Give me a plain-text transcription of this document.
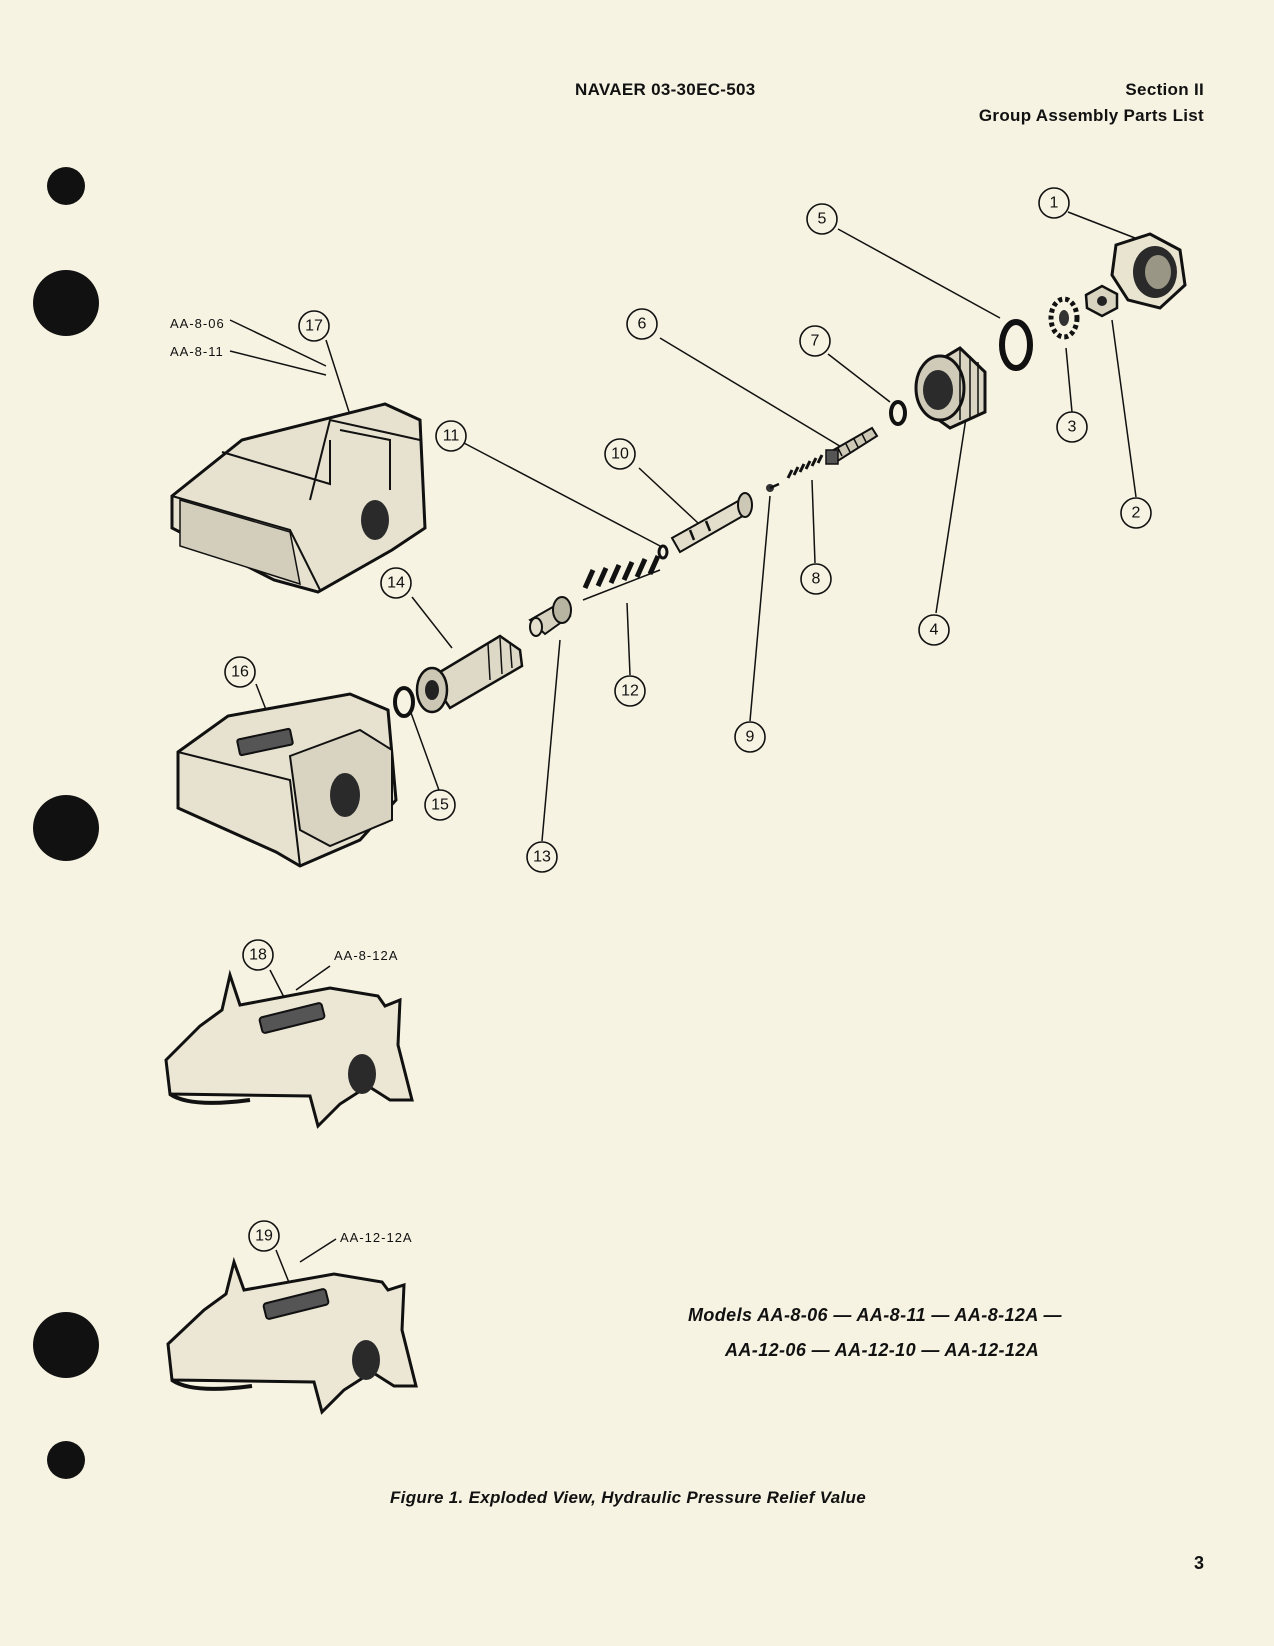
NAVAER 03-30EC-503	Section II
Group Assembly Parts List
AA-8-06
AA-8-11
AA-8-12A
AA-12-12A
1
2
3
4
5
6
7
8
9
10
11
12
13
14
15
16
17
18
19
Models AA-8-06 — AA-8-11 — AA-8-12A —
AA-12-06 — AA-12-10 — AA-12-12A
Figure 1. Exploded View, Hydraulic Pressure Relief Value
3
